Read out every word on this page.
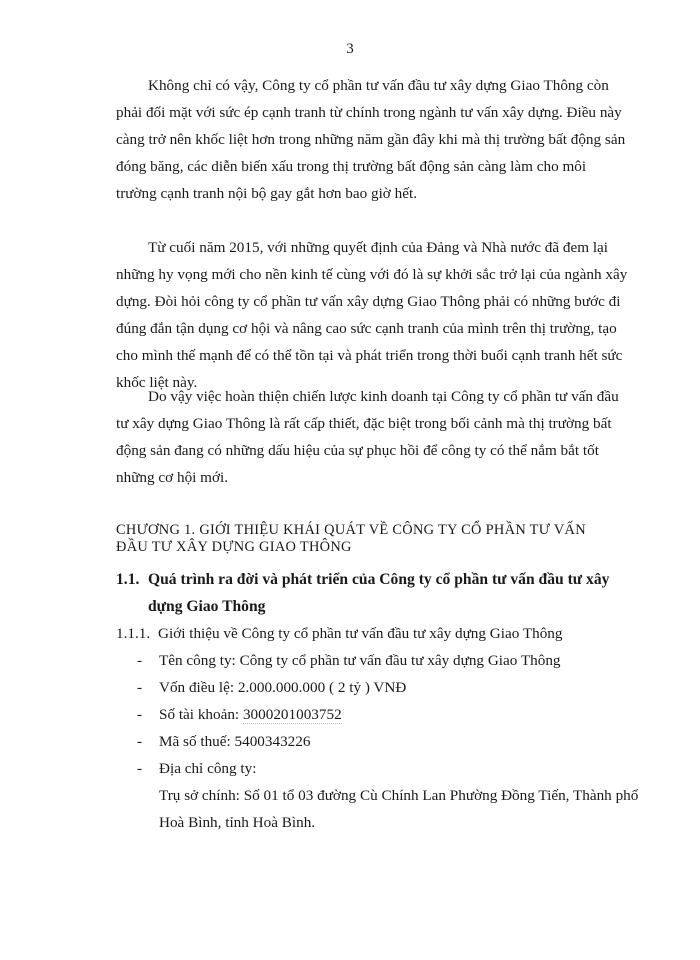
3

Không chỉ có vậy, Công ty cổ phần tư vấn đầu tư xây dựng Giao Thông còn
phải đối mặt với sức ép cạnh tranh từ chính trong ngành tư vấn xây dựng. Điều này
càng trở nên khốc liệt hơn trong những năm gần đây khi mà thị trường bất động sản
đóng băng, các diễn biến xấu trong thị trường bất động sản càng làm cho môi
trường cạnh tranh nội bộ gay gắt hơn bao giờ hết.

Từ cuối năm 2015, với những quyết định của Đảng và Nhà nước đã đem lại
những hy vọng mới cho nền kinh tế cùng với đó là sự khởi sắc trở lại của ngành xây
dựng. Đòi hỏi công ty cổ phần tư vấn xây dựng Giao Thông phải có những bước đi
đúng đắn tận dụng cơ hội và nâng cao sức cạnh tranh của mình trên thị trường, tạo
cho mình thế mạnh để có thể tồn tại và phát triển trong thời buổi cạnh tranh hết sức
khốc liệt này.

Do vậy việc hoàn thiện chiến lược kinh doanh tại Công ty cổ phần tư vấn đầu
tư xây dựng Giao Thông là rất cấp thiết, đặc biệt trong bối cảnh mà thị trường bất
động sản đang có những dấu hiệu của sự phục hồi để công ty có thể nắm bắt tốt
những cơ hội mới.

CHƯƠNG 1. GIỚI THIỆU KHÁI QUÁT VỀ CÔNG TY CỔ PHẦN TƯ VẤN
ĐẦU TƯ XÂY DỰNG GIAO THÔNG
1.1. Quá trình ra đời và phát triển của Công ty cổ phần tư vấn đầu tư xây
dựng Giao Thông
1.1.1. Giới thiệu về Công ty cổ phần tư vấn đầu tư xây dựng Giao Thông
- Tên công ty: Công ty cổ phần tư vấn đầu tư xây dựng Giao Thông
- Vốn điều lệ: 2.000.000.000 ( 2 tỷ ) VNĐ
- Số tài khoản: 3000201003752
- Mã số thuế: 5400343226
- Địa chỉ công ty:
Trụ sở chính: Số 01 tổ 03 đường Cù Chính Lan Phường Đồng Tiến, Thành phố
Hoà Bình, tỉnh Hoà Bình.
